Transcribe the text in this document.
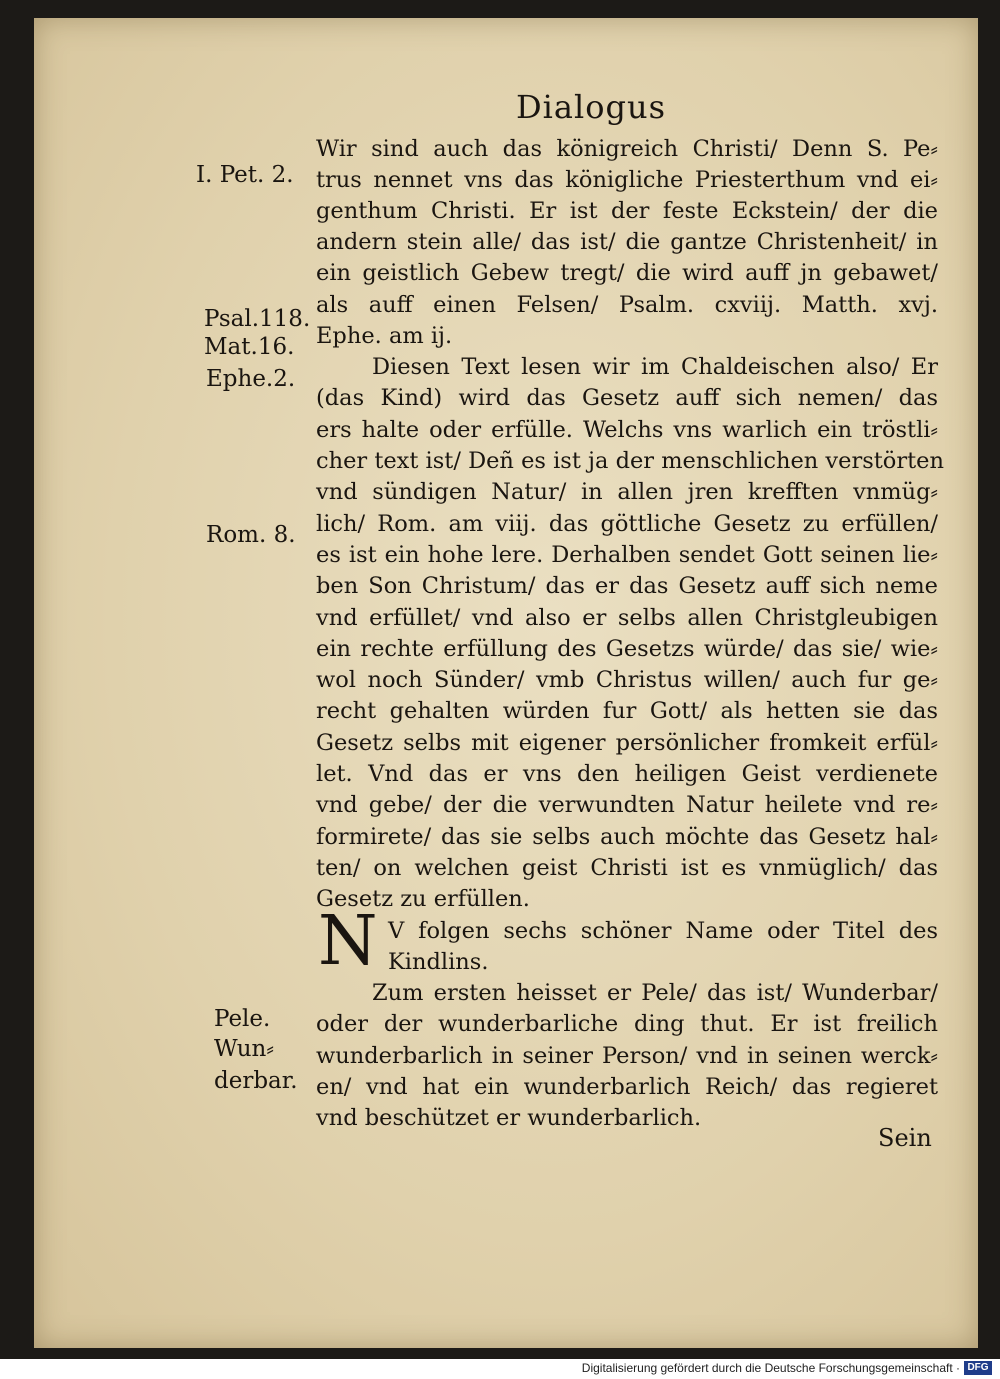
Dialogus
I. Pet. 2.
Psal.118.
Mat.16.
Ephe.2.
Rom. 8.
Pele.
Wun⸗
derbar.
Wir sind auch das königreich Christi/ Denn S. Pe⸗
trus nennet vns das königliche Priesterthum vnd ei⸗
genthum Christi. Er ist der feste Eckstein/ der die
andern stein alle/ das ist/ die gantze Christenheit/ in
ein geistlich Gebew tregt/ die wird auff jn gebawet/
als auff einen Felsen/ Psalm. cxviij. Matth. xvj.
Ephe. am ij.
Diesen Text lesen wir im Chaldeischen also/ Er
(das Kind) wird das Gesetz auff sich nemen/ das
ers halte oder erfülle. Welchs vns warlich ein tröstli⸗
cher text ist/ Deñ es ist ja der menschlichen verstörten
vnd sündigen Natur/ in allen jren krefften vnmüg⸗
lich/ Rom. am viij. das göttliche Gesetz zu erfüllen/
es ist ein hohe lere. Derhalben sendet Gott seinen lie⸗
ben Son Christum/ das er das Gesetz auff sich neme
vnd erfüllet/ vnd also er selbs allen Christgleubigen
ein rechte erfüllung des Gesetzs würde/ das sie/ wie⸗
wol noch Sünder/ vmb Christus willen/ auch fur ge⸗
recht gehalten würden fur Gott/ als hetten sie das
Gesetz selbs mit eigener persönlicher fromkeit erfül⸗
let. Vnd das er vns den heiligen Geist verdienete
vnd gebe/ der die verwundten Natur heilete vnd re⸗
formirete/ das sie selbs auch möchte das Gesetz hal⸗
ten/ on welchen geist Christi ist es vnmüglich/ das
Gesetz zu erfüllen.
V folgen sechs schöner Name oder Titel des
Kindlins.
Zum ersten heisset er Pele/ das ist/ Wunderbar/
oder der wunderbarliche ding thut. Er ist freilich
wunderbarlich in seiner Person/ vnd in seinen werck⸗
en/ vnd hat ein wunderbarlich Reich/ das regieret
vnd beschützet er wunderbarlich.
N
Sein
Digitalisierung gefördert durch die Deutsche Forschungsgemeinschaft · DFG
